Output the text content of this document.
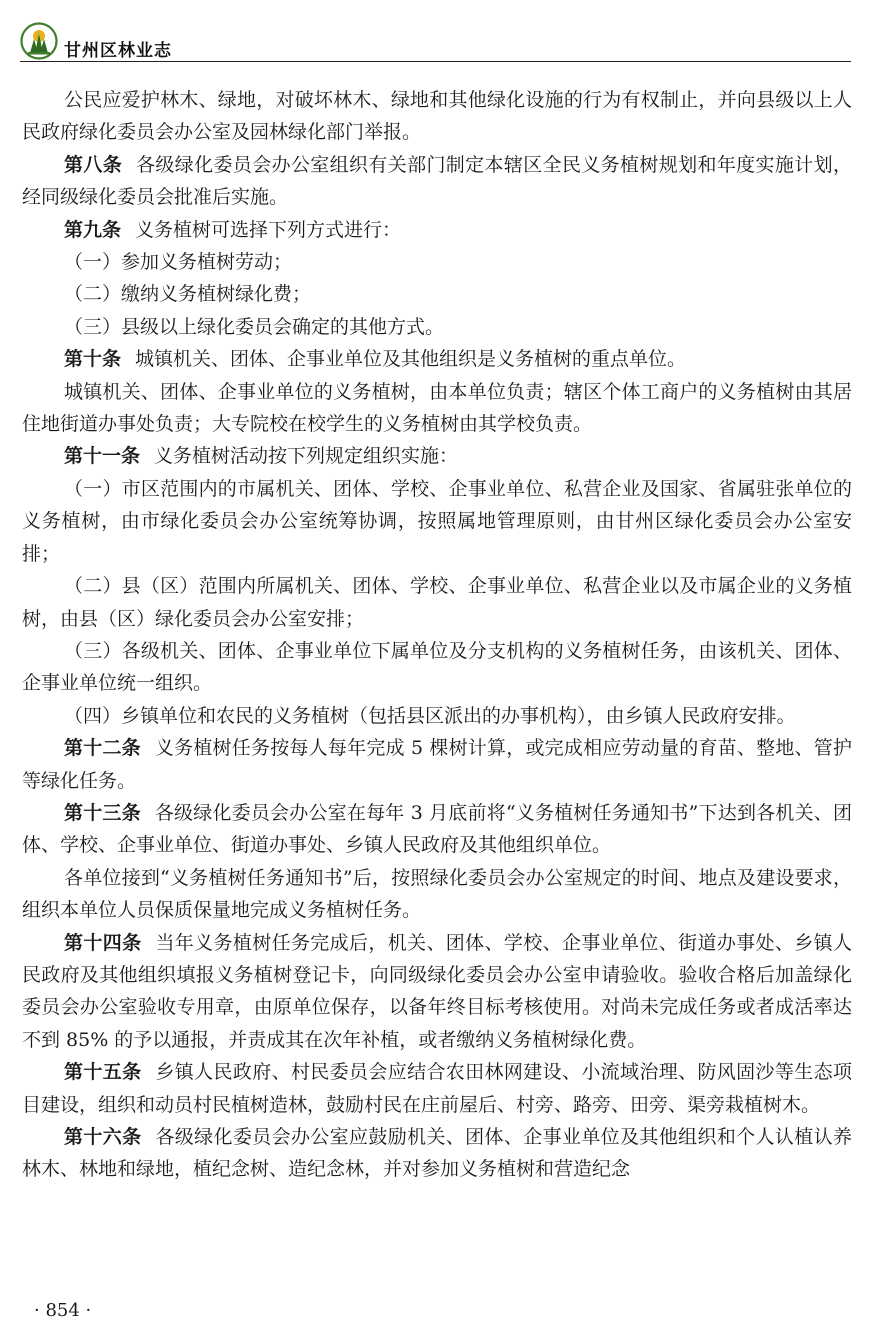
甘州区林业志

公民应爱护林木、绿地，对破坏林木、绿地和其他绿化设施的行为有权制止，并向县级以上人民政府绿化委员会办公室及园林绿化部门举报。

第八条 各级绿化委员会办公室组织有关部门制定本辖区全民义务植树规划和年度实施计划，经同级绿化委员会批准后实施。

第九条 义务植树可选择下列方式进行：

（一）参加义务植树劳动；

（二）缴纳义务植树绿化费；

（三）县级以上绿化委员会确定的其他方式。

第十条 城镇机关、团体、企事业单位及其他组织是义务植树的重点单位。

城镇机关、团体、企事业单位的义务植树，由本单位负责；辖区个体工商户的义务植树由其居住地街道办事处负责；大专院校在校学生的义务植树由其学校负责。

第十一条 义务植树活动按下列规定组织实施：

（一）市区范围内的市属机关、团体、学校、企事业单位、私营企业及国家、省属驻张单位的义务植树，由市绿化委员会办公室统筹协调，按照属地管理原则，由甘州区绿化委员会办公室安排；

（二）县（区）范围内所属机关、团体、学校、企事业单位、私营企业以及市属企业的义务植树，由县（区）绿化委员会办公室安排；

（三）各级机关、团体、企事业单位下属单位及分支机构的义务植树任务，由该机关、团体、企事业单位统一组织。

（四）乡镇单位和农民的义务植树（包括县区派出的办事机构），由乡镇人民政府安排。

第十二条 义务植树任务按每人每年完成 5 棵树计算，或完成相应劳动量的育苗、整地、管护等绿化任务。

第十三条 各级绿化委员会办公室在每年 3 月底前将“义务植树任务通知书”下达到各机关、团体、学校、企事业单位、街道办事处、乡镇人民政府及其他组织单位。

各单位接到“义务植树任务通知书”后，按照绿化委员会办公室规定的时间、地点及建设要求，组织本单位人员保质保量地完成义务植树任务。

第十四条 当年义务植树任务完成后，机关、团体、学校、企事业单位、街道办事处、乡镇人民政府及其他组织填报义务植树登记卡，向同级绿化委员会办公室申请验收。验收合格后加盖绿化委员会办公室验收专用章，由原单位保存，以备年终目标考核使用。对尚未完成任务或者成活率达不到 85% 的予以通报，并责成其在次年补植，或者缴纳义务植树绿化费。

第十五条 乡镇人民政府、村民委员会应结合农田林网建设、小流域治理、防风固沙等生态项目建设，组织和动员村民植树造林，鼓励村民在庄前屋后、村旁、路旁、田旁、渠旁栽植树木。

第十六条 各级绿化委员会办公室应鼓励机关、团体、企事业单位及其他组织和个人认植认养林木、林地和绿地，植纪念树、造纪念林，并对参加义务植树和营造纪念

· 854 ·
